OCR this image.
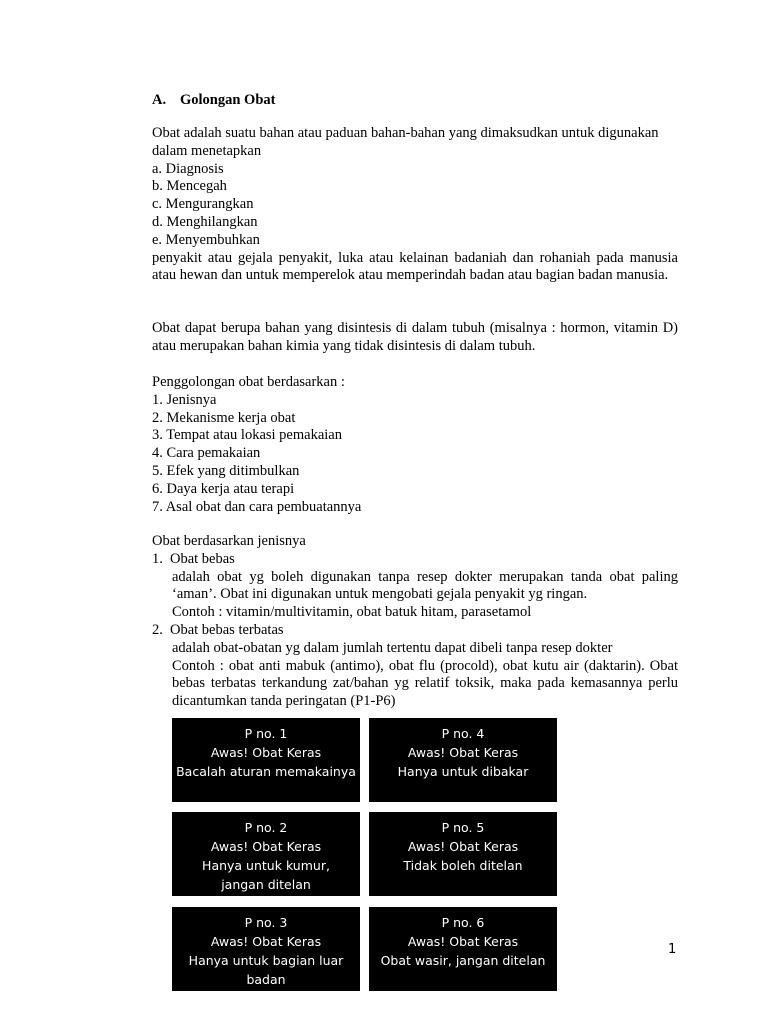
A. Golongan Obat

Obat adalah suatu bahan atau paduan bahan-bahan yang dimaksudkan untuk digunakan

dalam menetapkan

a. Diagnosis

b. Mencegah

c. Mengurangkan

d. Menghilangkan

e. Menyembuhkan

penyakit atau gejala penyakit, luka atau kelainan badaniah dan rohaniah pada manusia atau hewan dan untuk memperelok atau memperindah badan atau bagian badan manusia.

Obat dapat berupa bahan yang disintesis di dalam tubuh (misalnya : hormon, vitamin D) atau merupakan bahan kimia yang tidak disintesis di dalam tubuh.

Penggolongan obat berdasarkan :

1. Jenisnya

2. Mekanisme kerja obat

3. Tempat atau lokasi pemakaian

4. Cara pemakaian

5. Efek yang ditimbulkan

6. Daya kerja atau terapi

7. Asal obat dan cara pembuatannya

Obat berdasarkan jenisnya

1. Obat bebas

adalah obat yg boleh digunakan tanpa resep dokter merupakan tanda obat paling ‘aman’. Obat ini digunakan untuk mengobati gejala penyakit yg ringan.

Contoh : vitamin/multivitamin, obat batuk hitam, parasetamol

2. Obat bebas terbatas

adalah obat-obatan yg dalam jumlah tertentu dapat dibeli tanpa resep dokter

Contoh : obat anti mabuk (antimo), obat flu (procold), obat kutu air (daktarin). Obat bebas terbatas terkandung zat/bahan yg relatif toksik, maka pada kemasannya perlu dicantumkan tanda peringatan (P1-P6)

P no. 1
Awas! Obat Keras
Bacalah aturan memakainya
P no. 4
Awas! Obat Keras
Hanya untuk dibakar
P no. 2
Awas! Obat Keras
Hanya untuk kumur, jangan ditelan
P no. 5
Awas! Obat Keras
Tidak boleh ditelan
P no. 3
Awas! Obat Keras
Hanya untuk bagian luar badan
P no. 6
Awas! Obat Keras
Obat wasir, jangan ditelan
1
